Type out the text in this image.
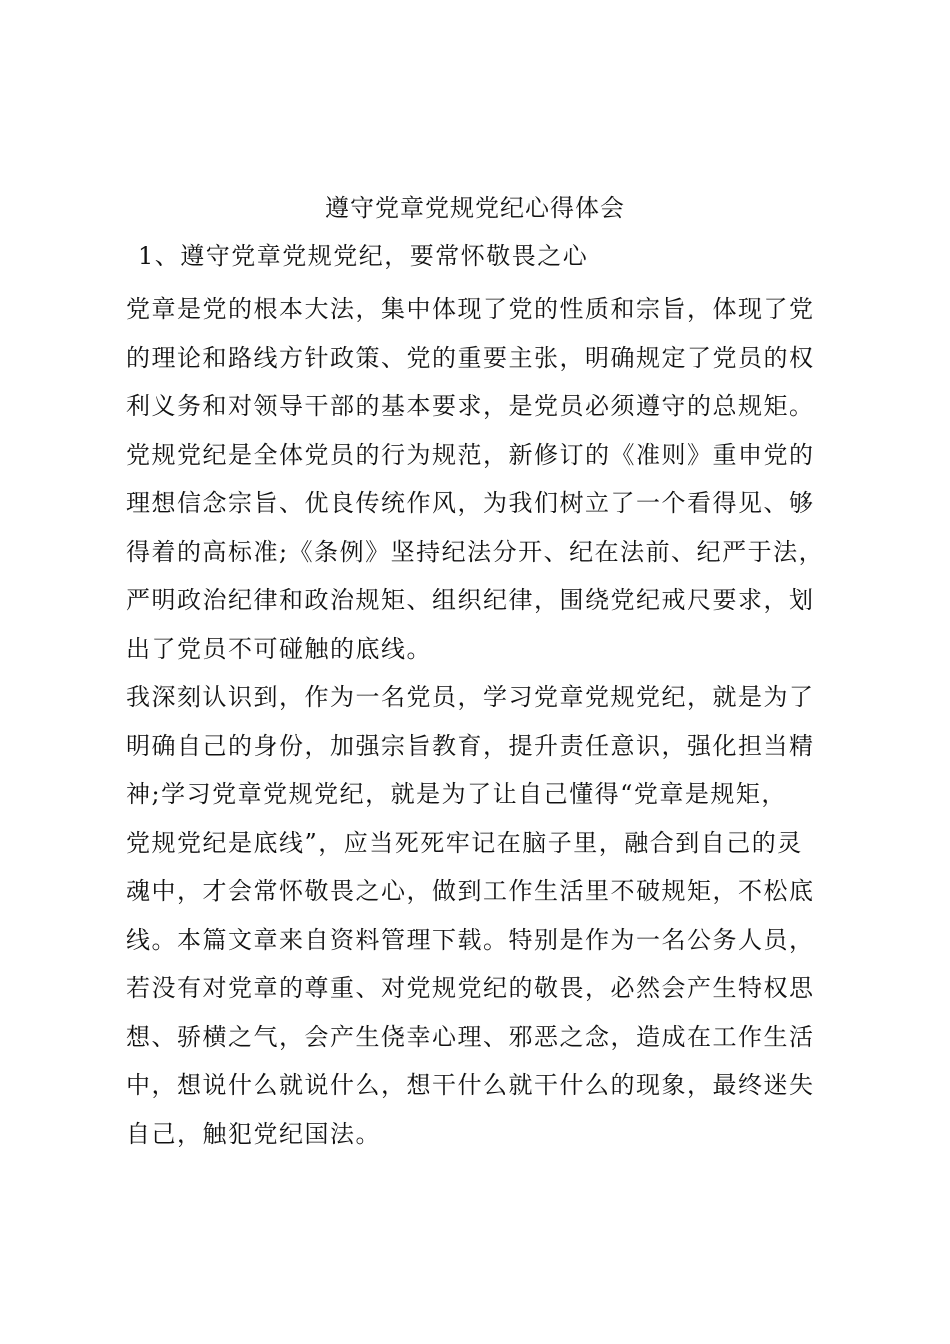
遵守党章党规党纪心得体会

1、遵守党章党规党纪，要常怀敬畏之心

党章是党的根本大法，集中体现了党的性质和宗旨，体现了党
的理论和路线方针政策、党的重要主张，明确规定了党员的权
利义务和对领导干部的基本要求，是党员必须遵守的总规矩。
党规党纪是全体党员的行为规范，新修订的《准则》重申党的
理想信念宗旨、优良传统作风，为我们树立了一个看得见、够
得着的高标准;《条例》坚持纪法分开、纪在法前、纪严于法，
严明政治纪律和政治规矩、组织纪律，围绕党纪戒尺要求，划
出了党员不可碰触的底线。
我深刻认识到，作为一名党员，学习党章党规党纪，就是为了
明确自己的身份，加强宗旨教育，提升责任意识，强化担当精
神;学习党章党规党纪，就是为了让自己懂得“党章是规矩，
党规党纪是底线”，应当死死牢记在脑子里，融合到自己的灵
魂中，才会常怀敬畏之心，做到工作生活里不破规矩，不松底
线。本篇文章来自资料管理下载。特别是作为一名公务人员，
若没有对党章的尊重、对党规党纪的敬畏，必然会产生特权思
想、骄横之气，会产生侥幸心理、邪恶之念，造成在工作生活
中，想说什么就说什么，想干什么就干什么的现象，最终迷失
自己，触犯党纪国法。
